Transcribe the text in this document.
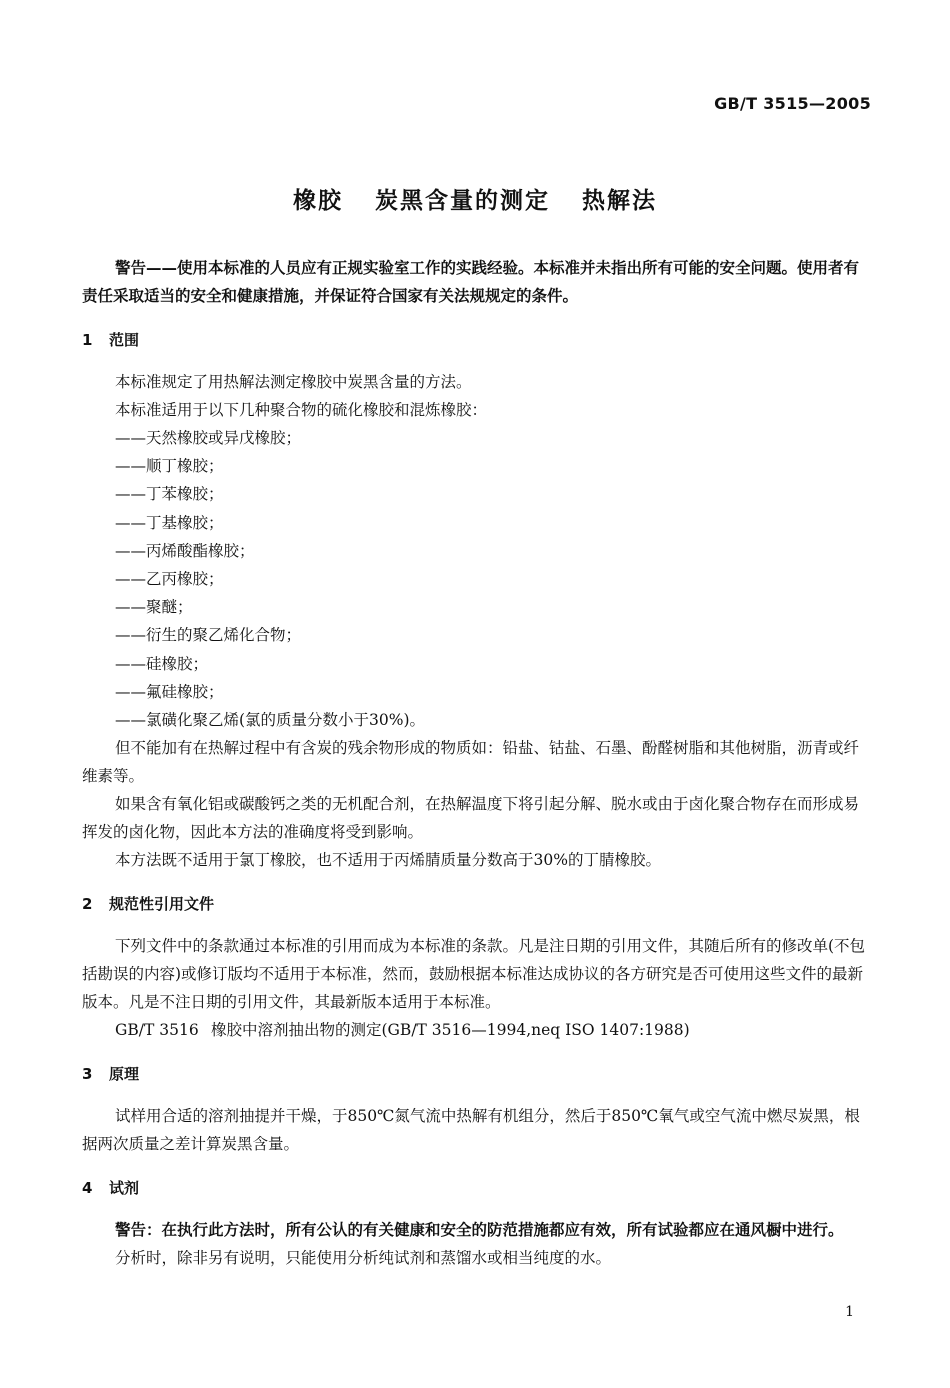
GB/T 3515—2005
橡胶 炭黑含量的测定 热解法

警告——使用本标准的人员应有正规实验室工作的实践经验。本标准并未指出所有可能的安全问题。使用者有责任采取适当的安全和健康措施，并保证符合国家有关法规规定的条件。

1 范围

本标准规定了用热解法测定橡胶中炭黑含量的方法。

本标准适用于以下几种聚合物的硫化橡胶和混炼橡胶：

——天然橡胶或异戊橡胶；

——顺丁橡胶；

——丁苯橡胶；

——丁基橡胶；

——丙烯酸酯橡胶；

——乙丙橡胶；

——聚醚；

——衍生的聚乙烯化合物；

——硅橡胶；

——氟硅橡胶；

——氯磺化聚乙烯(氯的质量分数小于30%)。

但不能加有在热解过程中有含炭的残余物形成的物质如：铅盐、钴盐、石墨、酚醛树脂和其他树脂，沥青或纤维素等。

如果含有氧化铝或碳酸钙之类的无机配合剂，在热解温度下将引起分解、脱水或由于卤化聚合物存在而形成易挥发的卤化物，因此本方法的准确度将受到影响。

本方法既不适用于氯丁橡胶，也不适用于丙烯腈质量分数高于30%的丁腈橡胶。

2 规范性引用文件

下列文件中的条款通过本标准的引用而成为本标准的条款。凡是注日期的引用文件，其随后所有的修改单(不包括勘误的内容)或修订版均不适用于本标准，然而，鼓励根据本标准达成协议的各方研究是否可使用这些文件的最新版本。凡是不注日期的引用文件，其最新版本适用于本标准。

GB/T 3516 橡胶中溶剂抽出物的测定(GB/T 3516—1994,neq ISO 1407:1988)

3 原理

试样用合适的溶剂抽提并干燥，于850℃氮气流中热解有机组分，然后于850℃氧气或空气流中燃尽炭黑，根据两次质量之差计算炭黑含量。

4 试剂

警告：在执行此方法时，所有公认的有关健康和安全的防范措施都应有效，所有试验都应在通风橱中进行。

分析时，除非另有说明，只能使用分析纯试剂和蒸馏水或相当纯度的水。

1
